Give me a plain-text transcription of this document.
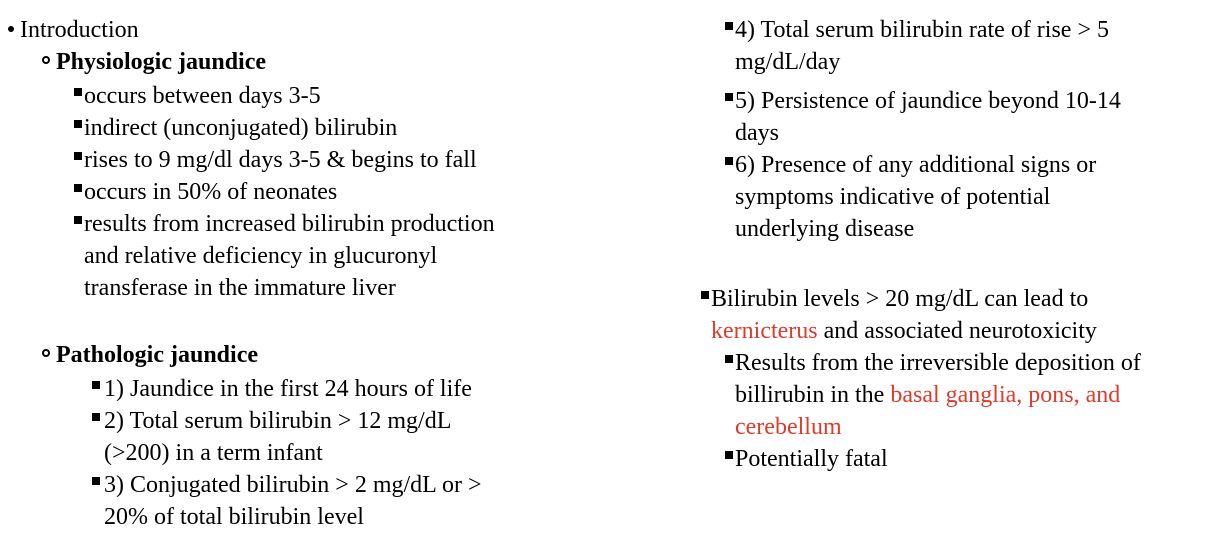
Introduction
Physiologic jaundice
occurs between days 3-5
indirect (unconjugated) bilirubin
rises to 9 mg/dl days 3-5 & begins to fall
occurs in 50% of neonates
results from increased bilirubin production
and relative deficiency in glucuronyl
transferase in the immature liver
Pathologic jaundice
1) Jaundice in the first 24 hours of life
2) Total serum bilirubin > 12 mg/dL
(>200) in a term infant
3) Conjugated bilirubin > 2 mg/dL or >
20% of total bilirubin level
4) Total serum bilirubin rate of rise > 5
mg/dL/day
5) Persistence of jaundice beyond 10-14
days
6) Presence of any additional signs or
symptoms indicative of potential
underlying disease
Bilirubin levels > 20 mg/dL can lead to
kernicterus and associated neurotoxicity
Results from the irreversible deposition of
billirubin in the basal ganglia, pons, and
cerebellum
Potentially fatal
